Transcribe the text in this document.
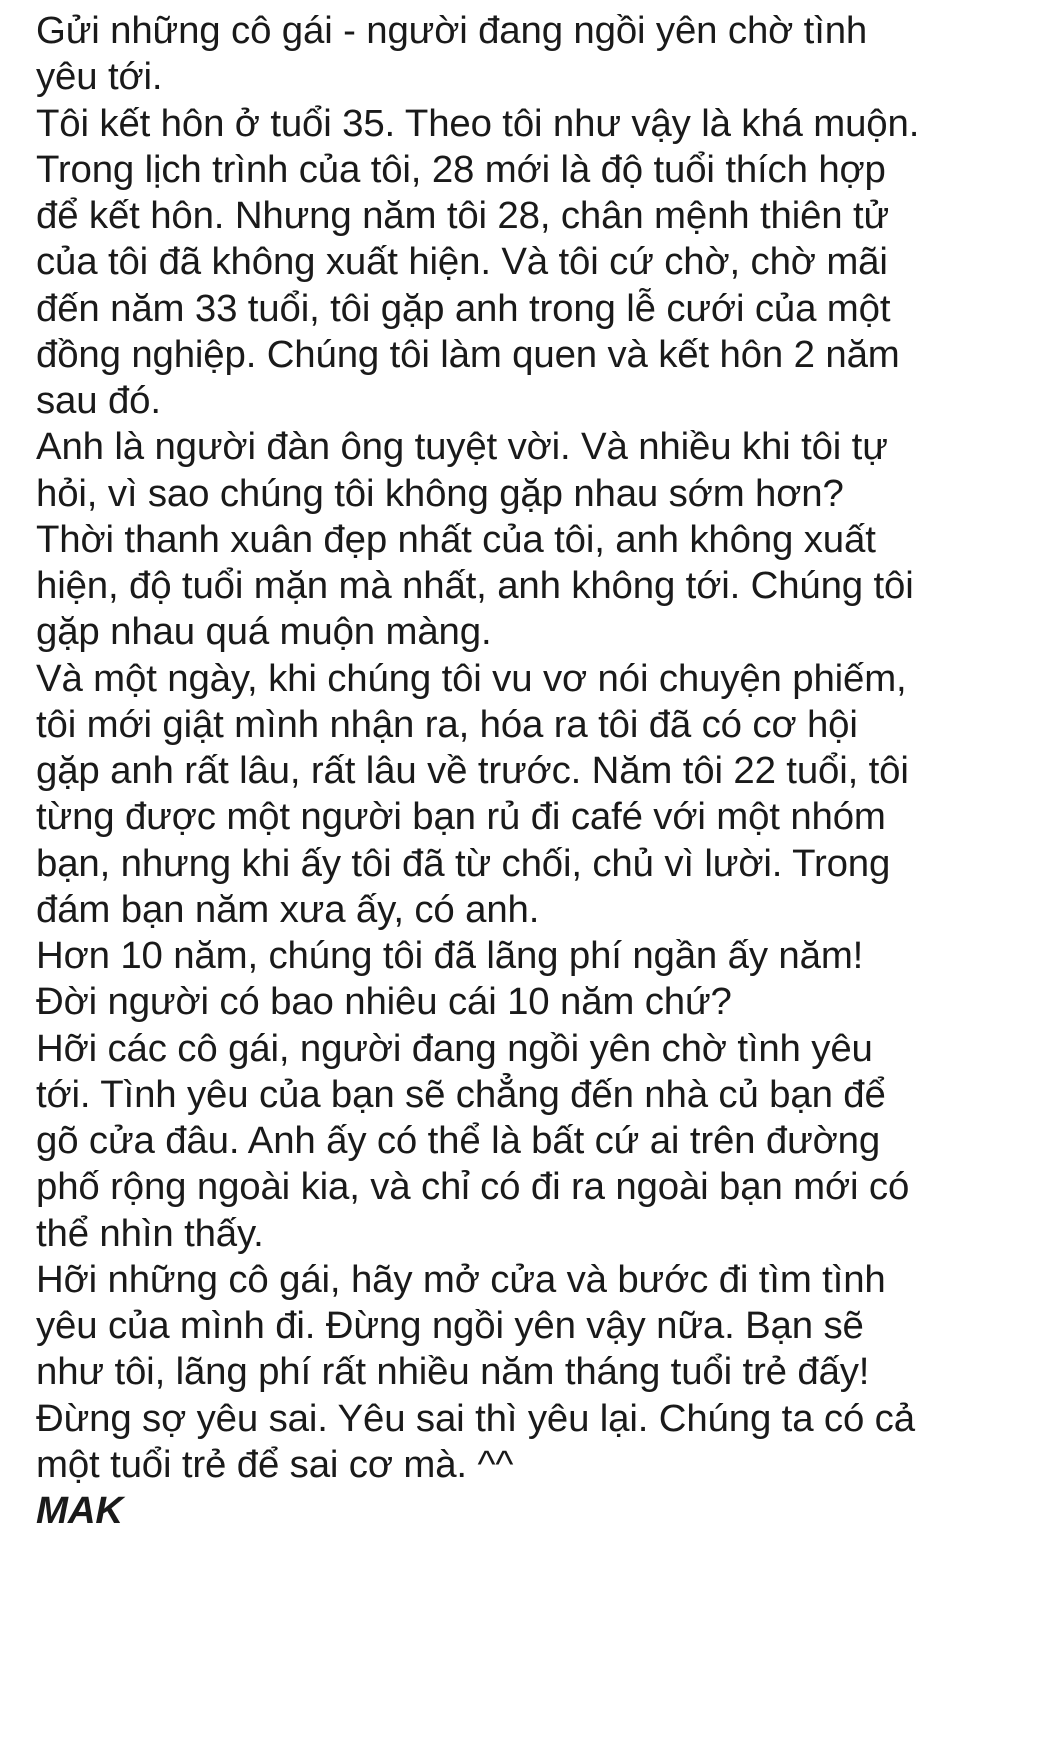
Gửi những cô gái - người đang ngồi yên chờ tình
yêu tới.
Tôi kết hôn ở tuổi 35. Theo tôi như vậy là khá muộn.
Trong lịch trình của tôi, 28 mới là độ tuổi thích hợp
để kết hôn. Nhưng năm tôi 28, chân mệnh thiên tử
của tôi đã không xuất hiện. Và tôi cứ chờ, chờ mãi
đến năm 33 tuổi, tôi gặp anh trong lễ cưới của một
đồng nghiệp. Chúng tôi làm quen và kết hôn 2 năm
sau đó.
Anh là người đàn ông tuyệt vời. Và nhiều khi tôi tự
hỏi, vì sao chúng tôi không gặp nhau sớm hơn?
Thời thanh xuân đẹp nhất của tôi, anh không xuất
hiện, độ tuổi mặn mà nhất, anh không tới. Chúng tôi
gặp nhau quá muộn màng.
Và một ngày, khi chúng tôi vu vơ nói chuyện phiếm,
tôi mới giật mình nhận ra, hóa ra tôi đã có cơ hội
gặp anh rất lâu, rất lâu về trước. Năm tôi 22 tuổi, tôi
từng được một người bạn rủ đi café với một nhóm
bạn, nhưng khi ấy tôi đã từ chối, chủ vì lười. Trong
đám bạn năm xưa ấy, có anh.
Hơn 10 năm, chúng tôi đã lãng phí ngần ấy năm!
Đời người có bao nhiêu cái 10 năm chứ?
Hỡi các cô gái, người đang ngồi yên chờ tình yêu
tới. Tình yêu của bạn sẽ chẳng đến nhà củ bạn để
gõ cửa đâu. Anh ấy có thể là bất cứ ai trên đường
phố rộng ngoài kia, và chỉ có đi ra ngoài bạn mới có
thể nhìn thấy.
Hỡi những cô gái, hãy mở cửa và bước đi tìm tình
yêu của mình đi. Đừng ngồi yên vậy nữa. Bạn sẽ
như tôi, lãng phí rất nhiều năm tháng tuổi trẻ đấy!
Đừng sợ yêu sai. Yêu sai thì yêu lại. Chúng ta có cả
một tuổi trẻ để sai cơ mà. ^^
MAK
